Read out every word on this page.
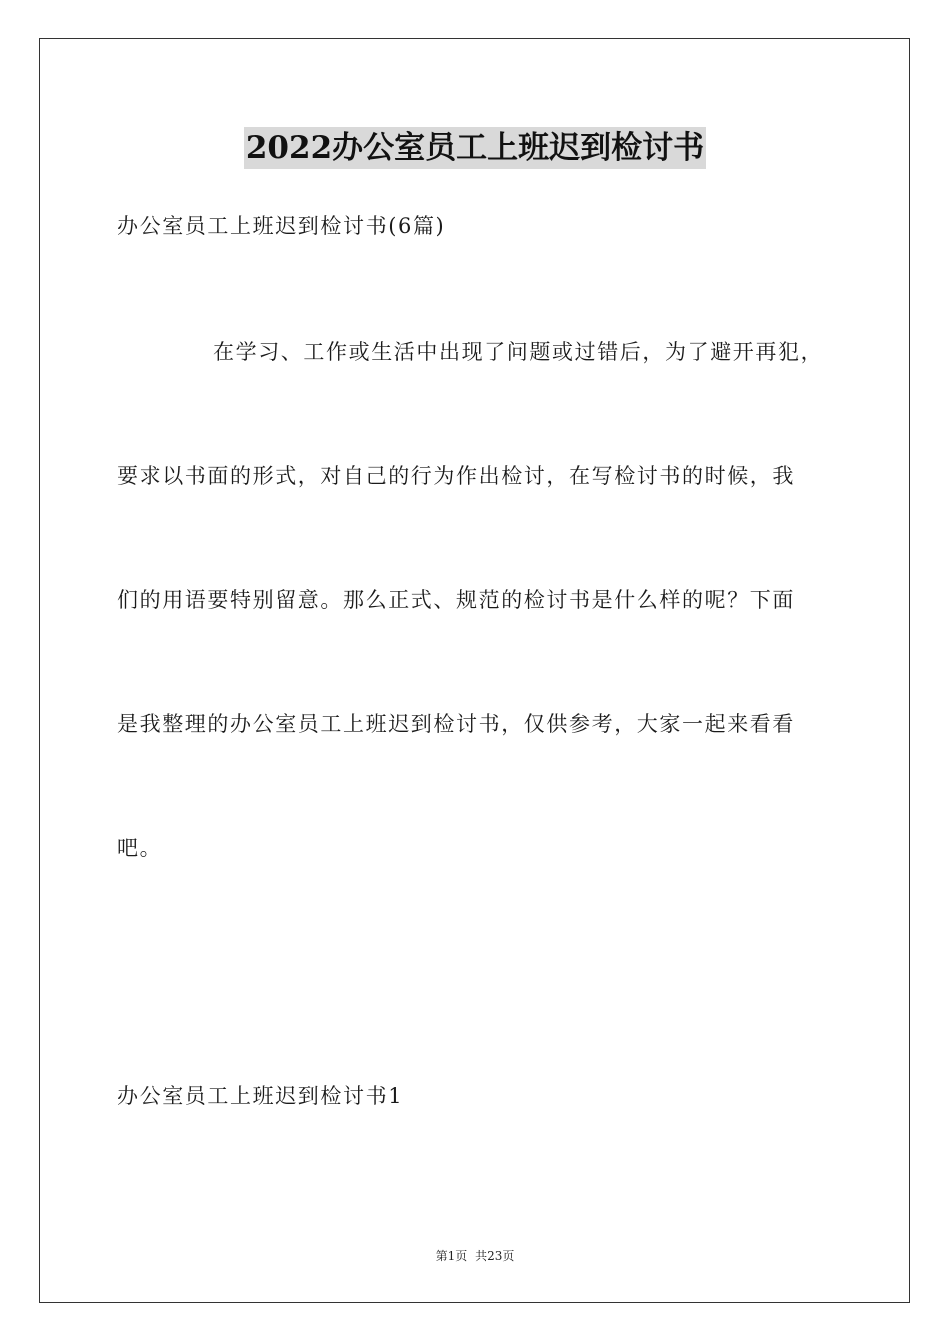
2022办公室员工上班迟到检讨书
办公室员工上班迟到检讨书(6篇)
在学习、工作或生活中出现了问题或过错后，为了避开再犯，
要求以书面的形式，对自己的行为作出检讨，在写检讨书的时候，我
们的用语要特别留意。那么正式、规范的检讨书是什么样的呢？下面
是我整理的办公室员工上班迟到检讨书，仅供参考，大家一起来看看
吧。
办公室员工上班迟到检讨书1
第1页 共23页
